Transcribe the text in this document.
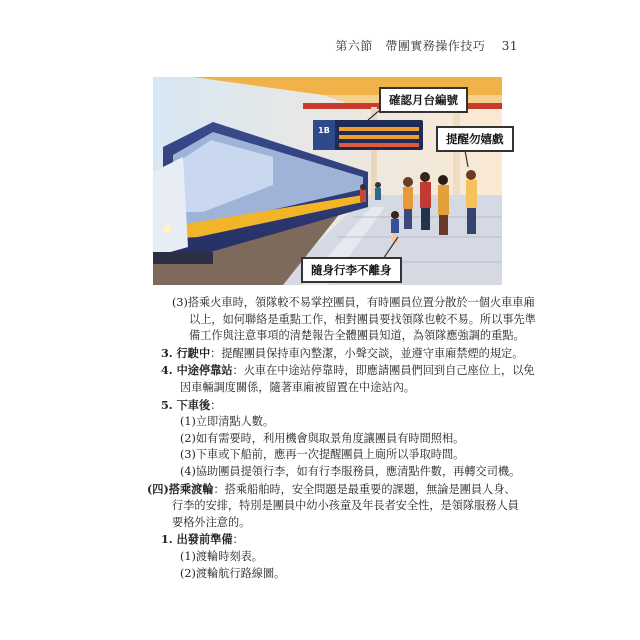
第六節　帶團實務操作技巧 31
1B
確認月台編號
提醒勿嬉戲
隨身行李不離身
(3)搭乘火車時，領隊較不易掌控團員，有時團員位置分散於一個火車車廂
以上，如何聯絡是重點工作，相對團員要找領隊也較不易。所以事先準
備工作與注意事項的清楚報告全體團員知道，為領隊應強調的重點。
3. 行駛中：提醒團員保持車內整潔，小聲交談，並遵守車廂禁煙的規定。
4. 中途停靠站：火車在中途站停靠時，即應請團員們回到自己座位上，以免
因車輛調度關係，隨著車廂被留置在中途站內。
5. 下車後：
(1)立即清點人數。
(2)如有需要時，利用機會與取景角度讓團員有時間照相。
(3)下車或下船前，應再一次提醒團員上廁所以爭取時間。
(4)協助團員提領行李，如有行李服務員，應清點件數，再轉交司機。
(四)搭乘渡輪：搭乘船舶時，安全問題是最重要的課題，無論是團員人身、
行李的安排，特別是團員中幼小孩童及年長者安全性，是領隊服務人員
要格外注意的。
1. 出發前準備：
(1)渡輪時刻表。
(2)渡輪航行路線圖。
